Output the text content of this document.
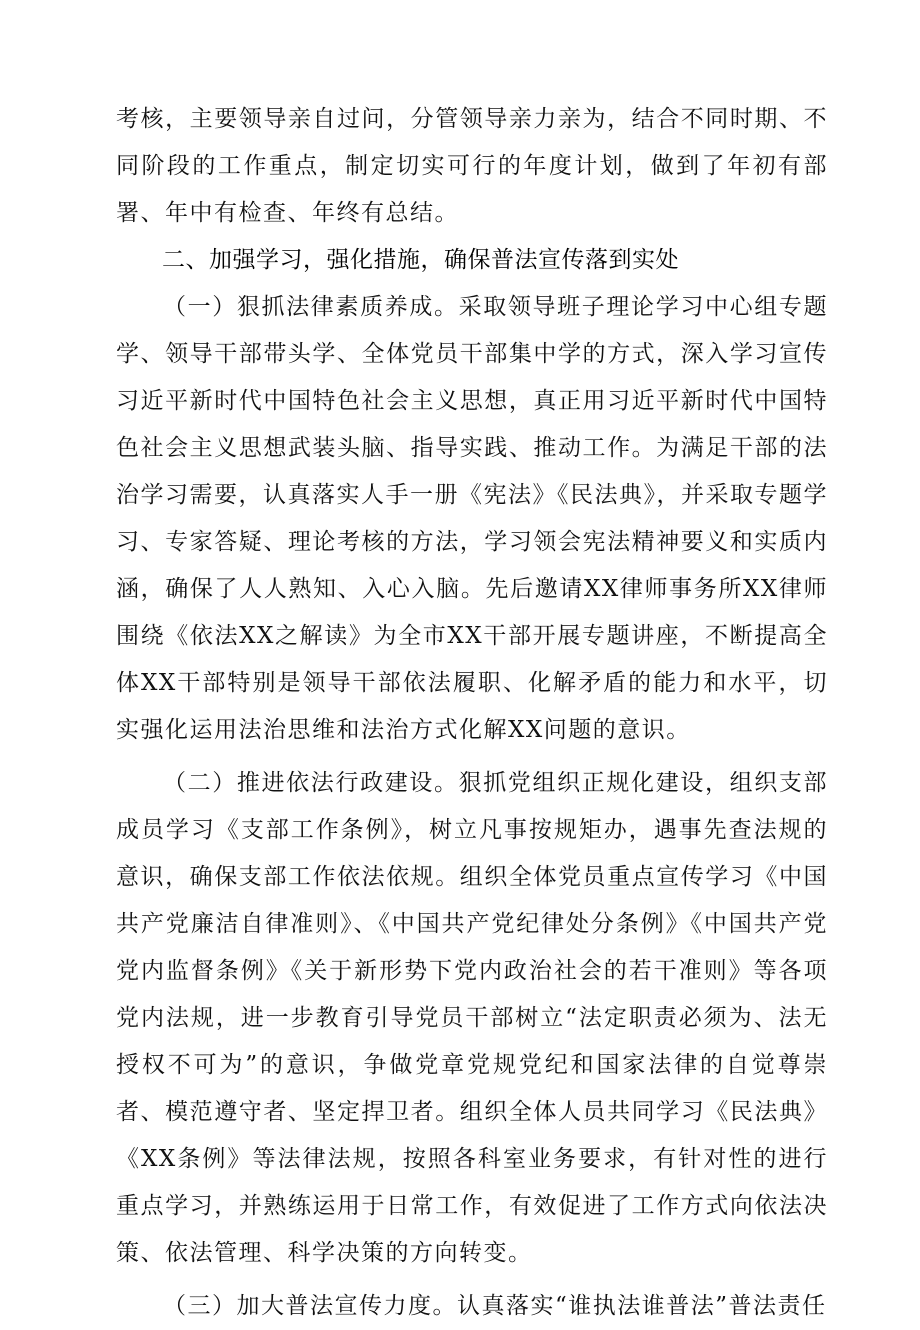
考核，主要领导亲自过问，分管领导亲力亲为，结合不同时期、不同阶段的工作重点，制定切实可行的年度计划，做到了年初有部署、年中有检查、年终有总结。

二、加强学习，强化措施，确保普法宣传落到实处

（一）狠抓法律素质养成。采取领导班子理论学习中心组专题学、领导干部带头学、全体党员干部集中学的方式，深入学习宣传习近平新时代中国特色社会主义思想，真正用习近平新时代中国特色社会主义思想武装头脑、指导实践、推动工作。为满足干部的法治学习需要，认真落实人手一册《宪法》《民法典》，并采取专题学习、专家答疑、理论考核的方法，学习领会宪法精神要义和实质内涵，确保了人人熟知、入心入脑。先后邀请XX律师事务所XX律师围绕《依法XX之解读》为全市XX干部开展专题讲座，不断提高全体XX干部特别是领导干部依法履职、化解矛盾的能力和水平，切实强化运用法治思维和法治方式化解XX问题的意识。

（二）推进依法行政建设。狠抓党组织正规化建设，组织支部成员学习《支部工作条例》，树立凡事按规矩办，遇事先查法规的意识，确保支部工作依法依规。组织全体党员重点宣传学习《中国共产党廉洁自律准则》、《中国共产党纪律处分条例》《中国共产党党内监督条例》《关于新形势下党内政治社会的若干准则》等各项党内法规，进一步教育引导党员干部树立“法定职责必须为、法无授权不可为”的意识，争做党章党规党纪和国家法律的自觉尊崇者、模范遵守者、坚定捍卫者。组织全体人员共同学习《民法典》《XX条例》等法律法规，按照各科室业务要求，有针对性的进行重点学习，并熟练运用于日常工作，有效促进了工作方式向依法决策、依法管理、科学决策的方向转变。

（三）加大普法宣传力度。认真落实“谁执法谁普法”普法责任
